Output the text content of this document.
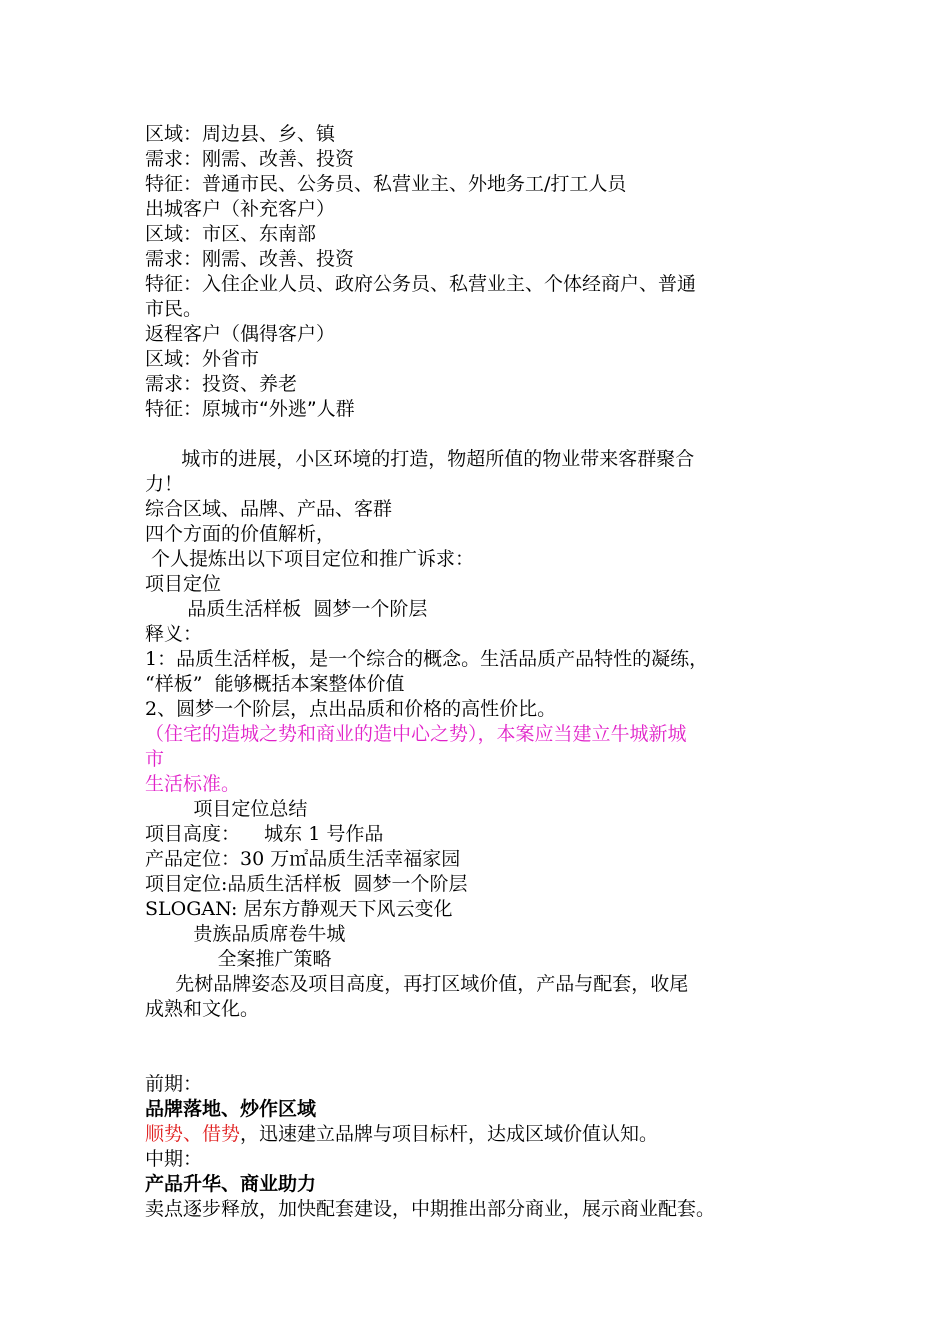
区域：周边县、乡、镇
需求：刚需、改善、投资
特征：普通市民、公务员、私营业主、外地务工/打工人员
出城客户（补充客户）
区域：市区、东南部
需求：刚需、改善、投资
特征：入住企业人员、政府公务员、私营业主、个体经商户、普通
市民。
返程客户（偶得客户）
区域：外省市
需求：投资、养老
特征：原城市“外逃”人群
城市的进展，小区环境的打造，物超所值的物业带来客群聚合
力！
综合区域、品牌、产品、客群
四个方面的价值解析，
个人提炼出以下项目定位和推广诉求：
项目定位
品质生活样板  圆梦一个阶层
释义：
1：品质生活样板，是一个综合的概念。生活品质产品特性的凝练，
“样板”  能够概括本案整体价值
2、圆梦一个阶层，点出品质和价格的高性价比。
（住宅的造城之势和商业的造中心之势），本案应当建立牛城新城
市
生活标准。
项目定位总结
项目高度：    城东 1 号作品
产品定位：30 万㎡品质生活幸福家园
项目定位:品质生活样板  圆梦一个阶层
SLOGAN: 居东方静观天下风云变化
贵族品质席卷牛城
全案推广策略
先树品牌姿态及项目高度，再打区域价值，产品与配套，收尾
成熟和文化。
前期：
品牌落地、炒作区域
顺势、借势，迅速建立品牌与项目标杆，达成区域价值认知。
中期：
产品升华、商业助力
卖点逐步释放，加快配套建设，中期推出部分商业，展示商业配套。
